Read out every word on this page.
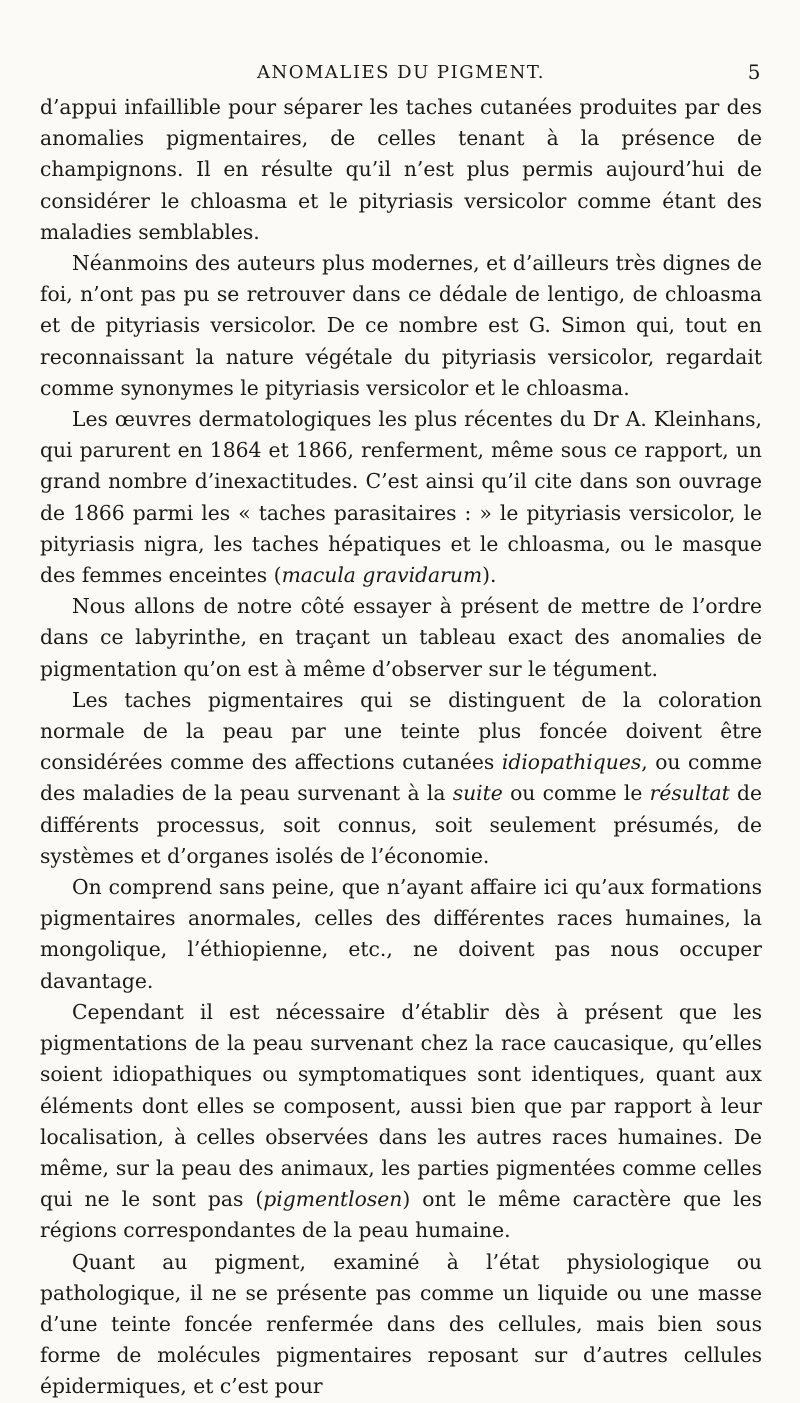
ANOMALIES DU PIGMENT.	5

d’appui infaillible pour séparer les taches cutanées produites par des anomalies pigmentaires, de celles tenant à la présence de champignons. Il en résulte qu’il n’est plus permis aujourd’hui de considérer le chloasma et le pityriasis versicolor comme étant des maladies semblables.

Néanmoins des auteurs plus modernes, et d’ailleurs très dignes de foi, n’ont pas pu se retrouver dans ce dédale de lentigo, de chloasma et de pityriasis versicolor. De ce nombre est G. Simon qui, tout en reconnaissant la nature végétale du pityriasis versicolor, regardait comme synonymes le pityriasis versicolor et le chloasma.

Les œuvres dermatologiques les plus récentes du Dr A. Kleinhans, qui parurent en 1864 et 1866, renferment, même sous ce rapport, un grand nombre d’inexactitudes. C’est ainsi qu’il cite dans son ouvrage de 1866 parmi les « taches parasitaires : » le pityriasis versicolor, le pityriasis nigra, les taches hépatiques et le chloasma, ou le masque des femmes enceintes (macula gravidarum).

Nous allons de notre côté essayer à présent de mettre de l’ordre dans ce labyrinthe, en traçant un tableau exact des anomalies de pigmentation qu’on est à même d’observer sur le tégument.

Les taches pigmentaires qui se distinguent de la coloration normale de la peau par une teinte plus foncée doivent être considérées comme des affections cutanées idiopathiques, ou comme des maladies de la peau survenant à la suite ou comme le résultat de différents processus, soit connus, soit seulement présumés, de systèmes et d’organes isolés de l’économie.

On comprend sans peine, que n’ayant affaire ici qu’aux formations pigmentaires anormales, celles des différentes races humaines, la mongolique, l’éthiopienne, etc., ne doivent pas nous occuper davantage.

Cependant il est nécessaire d’établir dès à présent que les pigmentations de la peau survenant chez la race caucasique, qu’elles soient idiopathiques ou symptomatiques sont identiques, quant aux éléments dont elles se composent, aussi bien que par rapport à leur localisation, à celles observées dans les autres races humaines. De même, sur la peau des animaux, les parties pigmentées comme celles qui ne le sont pas (pigmentlosen) ont le même caractère que les régions correspondantes de la peau humaine.

Quant au pigment, examiné à l’état physiologique ou pathologique, il ne se présente pas comme un liquide ou une masse d’une teinte foncée renfermée dans des cellules, mais bien sous forme de molécules pigmentaires reposant sur d’autres cellules épidermiques, et c’est pour
